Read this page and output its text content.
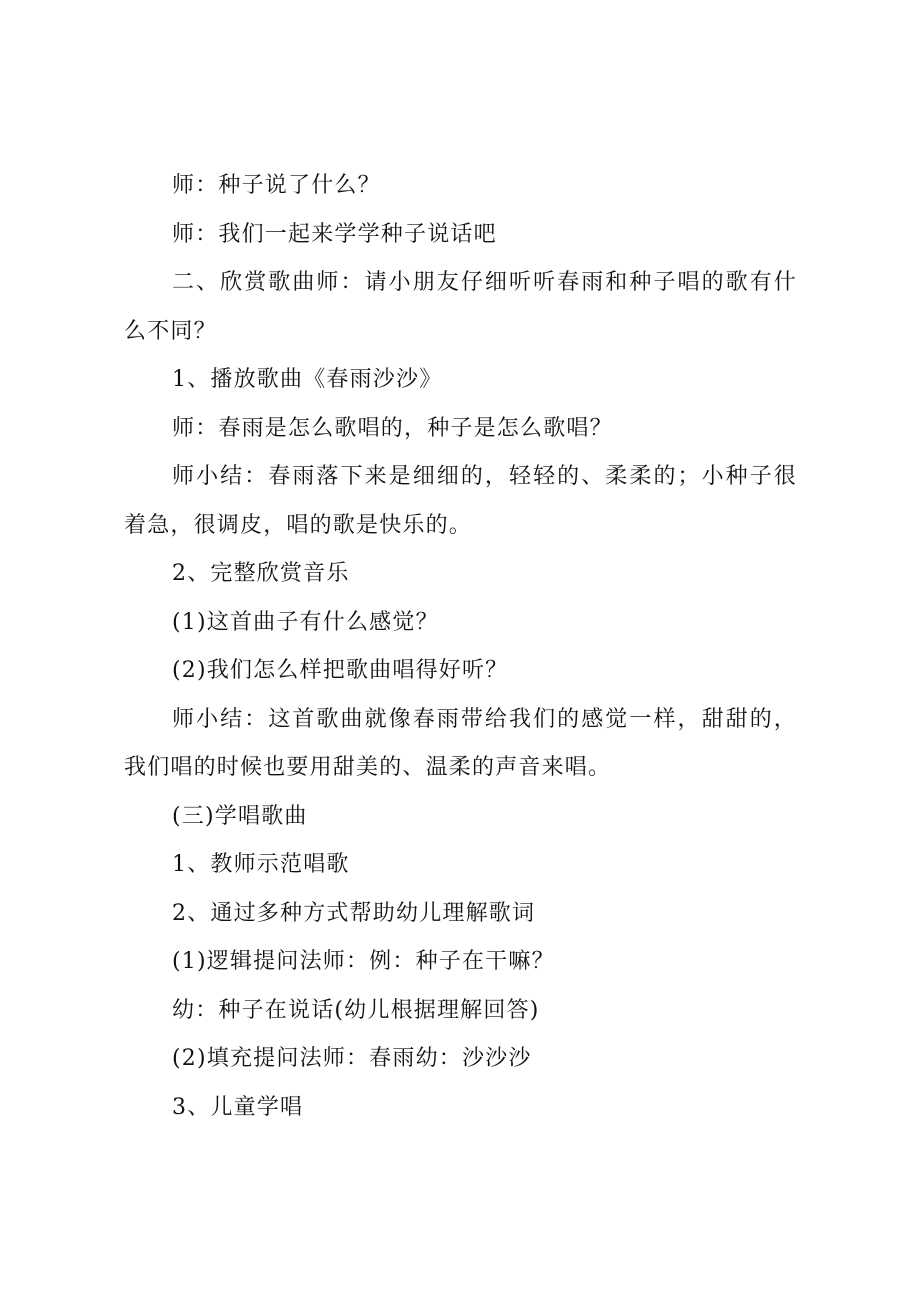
师：种子说了什么？

师：我们一起来学学种子说话吧

二、欣赏歌曲师：请小朋友仔细听听春雨和种子唱的歌有什么不同？

1、播放歌曲《春雨沙沙》

师：春雨是怎么歌唱的，种子是怎么歌唱？

师小结：春雨落下来是细细的，轻轻的、柔柔的；小种子很着急，很调皮，唱的歌是快乐的。

2、完整欣赏音乐

(1)这首曲子有什么感觉？

(2)我们怎么样把歌曲唱得好听？

师小结：这首歌曲就像春雨带给我们的感觉一样，甜甜的，我们唱的时候也要用甜美的、温柔的声音来唱。

(三)学唱歌曲

1、教师示范唱歌

2、通过多种方式帮助幼儿理解歌词

(1)逻辑提问法师：例：种子在干嘛？

幼：种子在说话(幼儿根据理解回答)

(2)填充提问法师：春雨幼：沙沙沙

3、儿童学唱
